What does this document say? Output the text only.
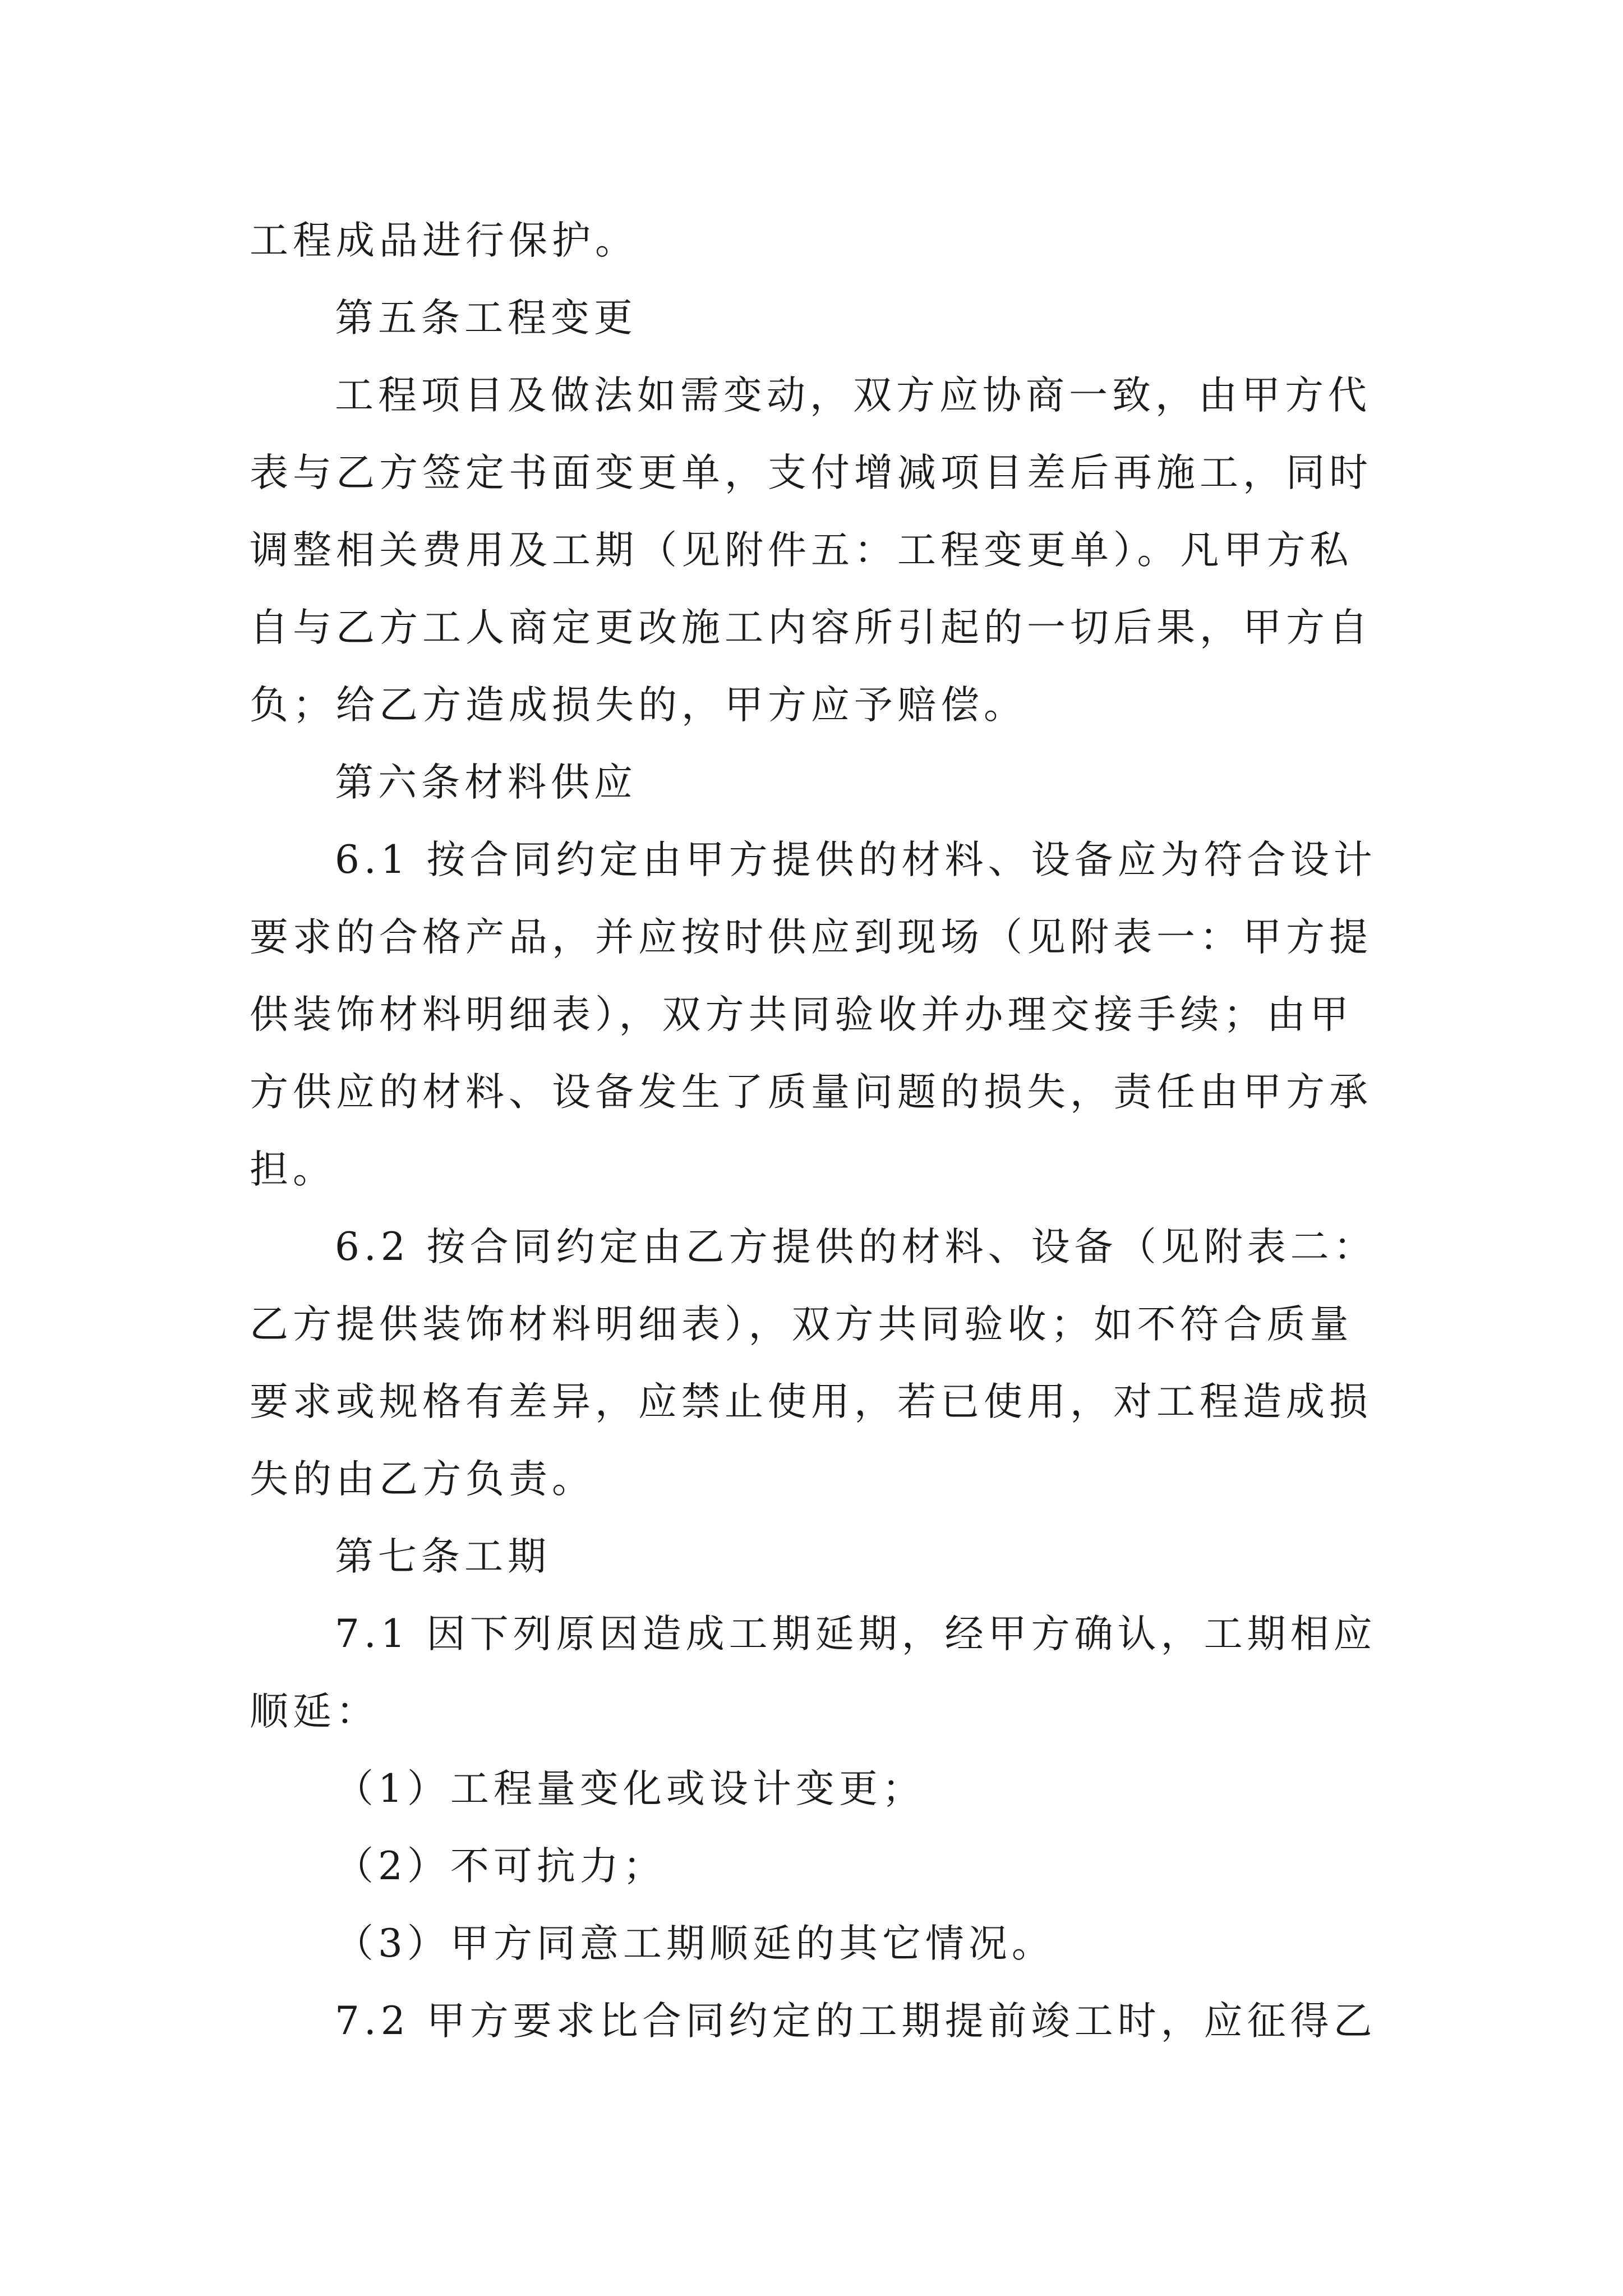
工程成品进行保护。
第五条工程变更
工程项目及做法如需变动，双方应协商一致，由甲方代
表与乙方签定书面变更单，支付增减项目差后再施工，同时
调整相关费用及工期（见附件五：工程变更单）。凡甲方私
自与乙方工人商定更改施工内容所引起的一切后果，甲方自
负；给乙方造成损失的，甲方应予赔偿。
第六条材料供应
6.1 按合同约定由甲方提供的材料、设备应为符合设计
要求的合格产品，并应按时供应到现场（见附表一：甲方提
供装饰材料明细表），双方共同验收并办理交接手续；由甲
方供应的材料、设备发生了质量问题的损失，责任由甲方承
担。
6.2 按合同约定由乙方提供的材料、设备（见附表二：
乙方提供装饰材料明细表），双方共同验收；如不符合质量
要求或规格有差异，应禁止使用，若已使用，对工程造成损
失的由乙方负责。
第七条工期
7.1 因下列原因造成工期延期，经甲方确认，工期相应
顺延：
（1）工程量变化或设计变更；
（2）不可抗力；
（3）甲方同意工期顺延的其它情况。
7.2 甲方要求比合同约定的工期提前竣工时，应征得乙
